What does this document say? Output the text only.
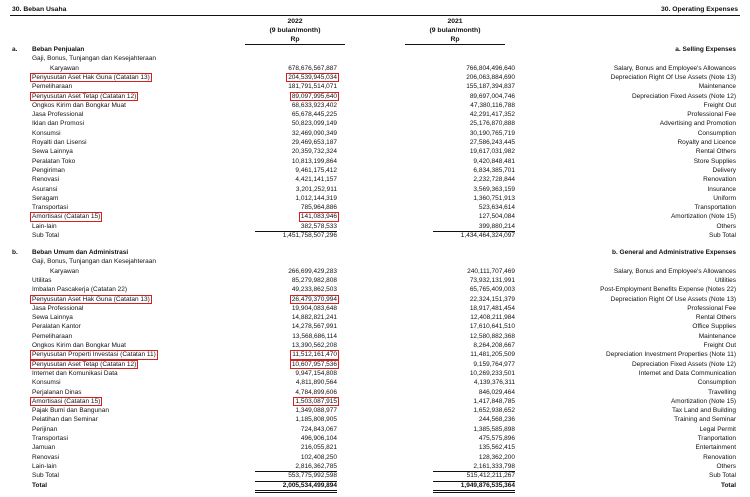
30. Beban Usaha	30. Operating Expenses
2022
(9 bulan/month)
Rp
2021
(9 bulan/month)
Rp
a. Beban Penjualan	a. Selling Expenses
Gaji, Bonus, Tunjangan dan Kesejahteraan
Karyawan	678,676,567,887	766,804,496,640	Salary, Bonus and Employee's Allowances
Penyusutan Aset Hak Guna (Catatan 13)	204,539,945,034	206,063,884,690	Depreciation Right Of Use Assets (Note 13)
Pemeliharaan	181,791,514,071	155,187,394,837	Maintenance
Penyusutan Aset Tetap (Catatan 12)	89,097,995,640	89,697,004,746	Depreciation Fixed Assets (Note 12)
Ongkos Kirim dan Bongkar Muat	68,633,923,402	47,380,116,788	Freight Out
Jasa Professional	65,678,445,225	42,291,417,352	Professional Fee
Iklan dan Promosi	50,823,099,149	25,176,870,888	Advertising and Promotion
Konsumsi	32,469,090,349	30,190,765,719	Consumption
Royalti dan Lisensi	29,469,653,187	27,586,243,445	Royalty and Licence
Sewa Lainnya	20,359,732,324	19,617,031,982	Rental Others
Peralatan Toko	10,813,199,864	9,420,848,481	Store Supplies
Pengiriman	9,461,175,412	6,834,385,701	Delivery
Renovasi	4,421,141,157	2,232,728,844	Renovation
Asuransi	3,201,252,911	3,569,363,159	Insurance
Seragam	1,012,144,319	1,360,751,913	Uniform
Transportasi	785,964,886	523,634,614	Transportation
Amortisasi (Catatan 15)	141,083,946	127,504,084	Amortization (Note 15)
Lain-lain	382,578,533	399,880,214	Others
Sub Total	1,451,758,507,296	1,434,464,324,097	Sub Total
b. Beban Umum dan Administrasi	b. General and Administrative Expenses
Gaji, Bonus, Tunjangan dan Kesejahteraan
Karyawan	266,699,429,283	240,111,707,469	Salary, Bonus and Employee's Allowances
Utilitas	85,279,982,808	73,932,131,991	Utilities
Imbalan Pascakerja (Catatan 22)	49,233,862,503	65,765,409,003	Post-Employment Benefits Expense (Notes 22)
Penyusutan Aset Hak Guna (Catatan 13)	26,479,370,994	22,324,151,379	Depreciation Right Of Use Assets (Note 13)
Jasa Professional	19,904,083,648	18,917,481,454	Professional Fee
Sewa Lainnya	14,882,821,241	12,408,211,984	Rental Others
Peralatan Kantor	14,278,567,991	17,610,641,510	Office Supplies
Pemeliharaan	13,568,686,114	12,580,882,368	Maintenance
Ongkos Kirim dan Bongkar Muat	13,390,562,208	8,264,208,667	Freight Out
Penyusutan Properti Investasi (Catatan 11)	11,512,161,470	11,481,205,509	Depreciation Investment Properties (Note 11)
Penyusutan Aset Tetap (Catatan 12)	10,607,957,536	9,159,764,977	Depreciation Fixed Assets (Note 12)
Internet dan Komunikasi Data	9,947,154,808	10,269,233,501	Internet and Data Communication
Konsumsi	4,811,890,564	4,139,376,311	Consumption
Perjalanan Dinas	4,784,899,606	846,029,464	Travelling
Amortisasi (Catatan 15)	1,503,087,915	1,417,848,785	Amortization (Note 15)
Pajak Bumi dan Bangunan	1,349,088,977	1,652,938,652	Tax Land and Building
Pelatihan dan Seminar	1,185,808,905	244,568,236	Training and Seminar
Perijinan	724,843,067	1,385,585,898	Legal Permit
Transportasi	496,906,104	475,575,896	Tranportation
Jamuan	216,055,821	135,562,415	Entertainment
Renovasi	102,408,250	128,362,200	Renovation
Lain-lain	2,816,362,785	2,161,333,798	Others
Sub Total	553,775,992,598	515,412,211,267	Sub Total
Total	2,005,534,499,894	1,949,876,535,364	Total
